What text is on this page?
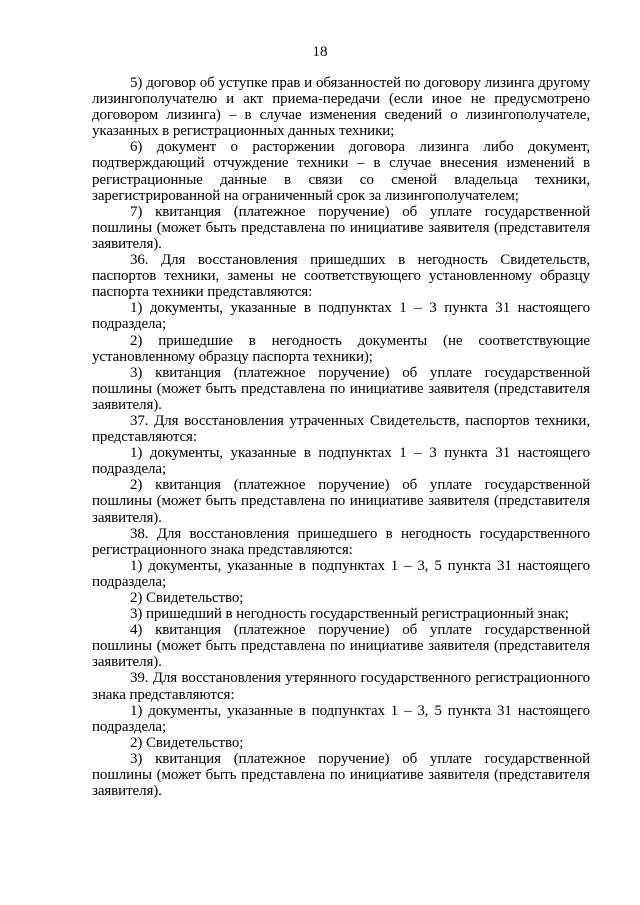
18

5) договор об уступке прав и обязанностей по договору лизинга другому лизингополучателю и акт приема-передачи (если иное не предусмотрено договором лизинга) – в случае изменения сведений о лизингополучателе, указанных в регистрационных данных техники;

6) документ о расторжении договора лизинга либо документ, подтверждающий отчуждение техники – в случае внесения изменений в регистрационные данные в связи со сменой владельца техники, зарегистрированной на ограниченный срок за лизингополучателем;

7) квитанция (платежное поручение) об уплате государственной пошлины (может быть представлена по инициативе заявителя (представителя заявителя).

36. Для восстановления пришедших в негодность Свидетельств, паспортов техники, замены не соответствующего установленному образцу паспорта техники представляются:

1) документы, указанные в подпунктах 1 – 3 пункта 31 настоящего подраздела;

2) пришедшие в негодность документы (не соответствующие установленному образцу паспорта техники);

3) квитанция (платежное поручение) об уплате государственной пошлины (может быть представлена по инициативе заявителя (представителя заявителя).

37. Для восстановления утраченных Свидетельств, паспортов техники, представляются:

1) документы, указанные в подпунктах 1 – 3 пункта 31 настоящего подраздела;

2) квитанция (платежное поручение) об уплате государственной пошлины (может быть представлена по инициативе заявителя (представителя заявителя).

38. Для восстановления пришедшего в негодность государственного регистрационного знака представляются:

1) документы, указанные в подпунктах 1 – 3, 5 пункта 31 настоящего подраздела;

2) Свидетельство;

3) пришедший в негодность государственный регистрационный знак;

4) квитанция (платежное поручение) об уплате государственной пошлины (может быть представлена по инициативе заявителя (представителя заявителя).

39. Для восстановления утерянного государственного регистрационного знака представляются:

1) документы, указанные в подпунктах 1 – 3, 5 пункта 31 настоящего подраздела;

2) Свидетельство;

3) квитанция (платежное поручение) об уплате государственной пошлины (может быть представлена по инициативе заявителя (представителя заявителя).
